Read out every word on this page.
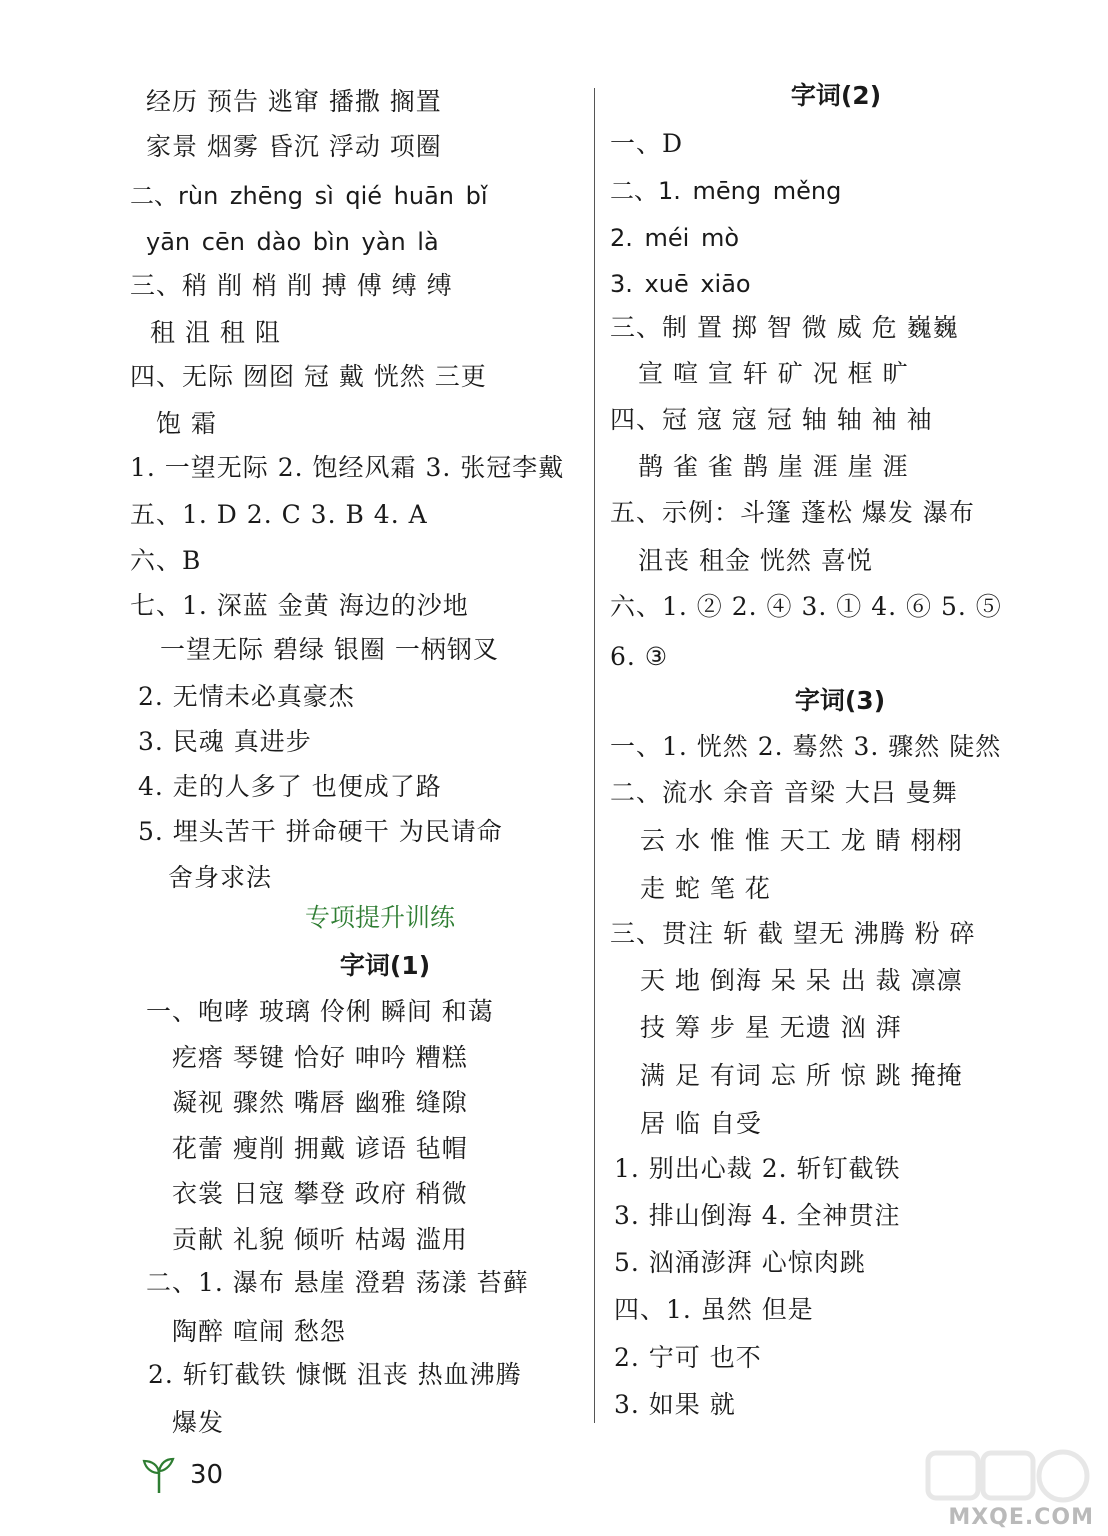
经历 预告 逃窜 播撒 搁置
家景 烟雾 昏沉 浮动 项圈
二、rùn zhēng sì qié huān bǐ
yān cēn dào bìn yàn là
三、稍 削 梢 削 搏 傅 缚 缚
租 沮 租 阻
四、无际 囫囵 冠 戴 恍然 三更
饱 霜
1. 一望无际 2. 饱经风霜 3. 张冠李戴
五、1. D 2. C 3. B 4. A
六、B
七、1. 深蓝 金黄 海边的沙地
一望无际 碧绿 银圈 一柄钢叉
2. 无情未必真豪杰
3. 民魂 真进步
4. 走的人多了 也便成了路
5. 埋头苦干 拼命硬干 为民请命
舍身求法
专项提升训练
字词(1)
一、咆哮 玻璃 伶俐 瞬间 和蔼
疙瘩 琴键 恰好 呻吟 糟糕
凝视 骤然 嘴唇 幽雅 缝隙
花蕾 瘦削 拥戴 谚语 毡帽
衣裳 日寇 攀登 政府 稍微
贡献 礼貌 倾听 枯竭 滥用
二、1. 瀑布 悬崖 澄碧 荡漾 苔藓
陶醉 喧闹 愁怨
2. 斩钉截铁 慷慨 沮丧 热血沸腾
爆发
字词(2)
一、D
二、1. mēng měng
2. méi mò
3. xuē xiāo
三、制 置 掷 智 微 威 危 巍巍
宣 喧 宣 轩 矿 况 框 旷
四、冠 寇 寇 冠 轴 轴 袖 袖
鹊 雀 雀 鹊 崖 涯 崖 涯
五、示例：斗篷 蓬松 爆发 瀑布
沮丧 租金 恍然 喜悦
六、1. ② 2. ④ 3. ① 4. ⑥ 5. ⑤
6. ③
字词(3)
一、1. 恍然 2. 蓦然 3. 骤然 陡然
二、流水 余音 音梁 大吕 曼舞
云 水 惟 惟 天工 龙 睛 栩栩
走 蛇 笔 花
三、贯注 斩 截 望无 沸腾 粉 碎
天 地 倒海 呆 呆 出 裁 凛凛
技 筹 步 星 无遗 汹 湃
满 足 有词 忘 所 惊 跳 掩掩
居 临 自受
1. 别出心裁 2. 斩钉截铁
3. 排山倒海 4. 全神贯注
5. 汹涌澎湃 心惊肉跳
四、1. 虽然 但是
2. 宁可 也不
3. 如果 就
30
MXQE.COM
